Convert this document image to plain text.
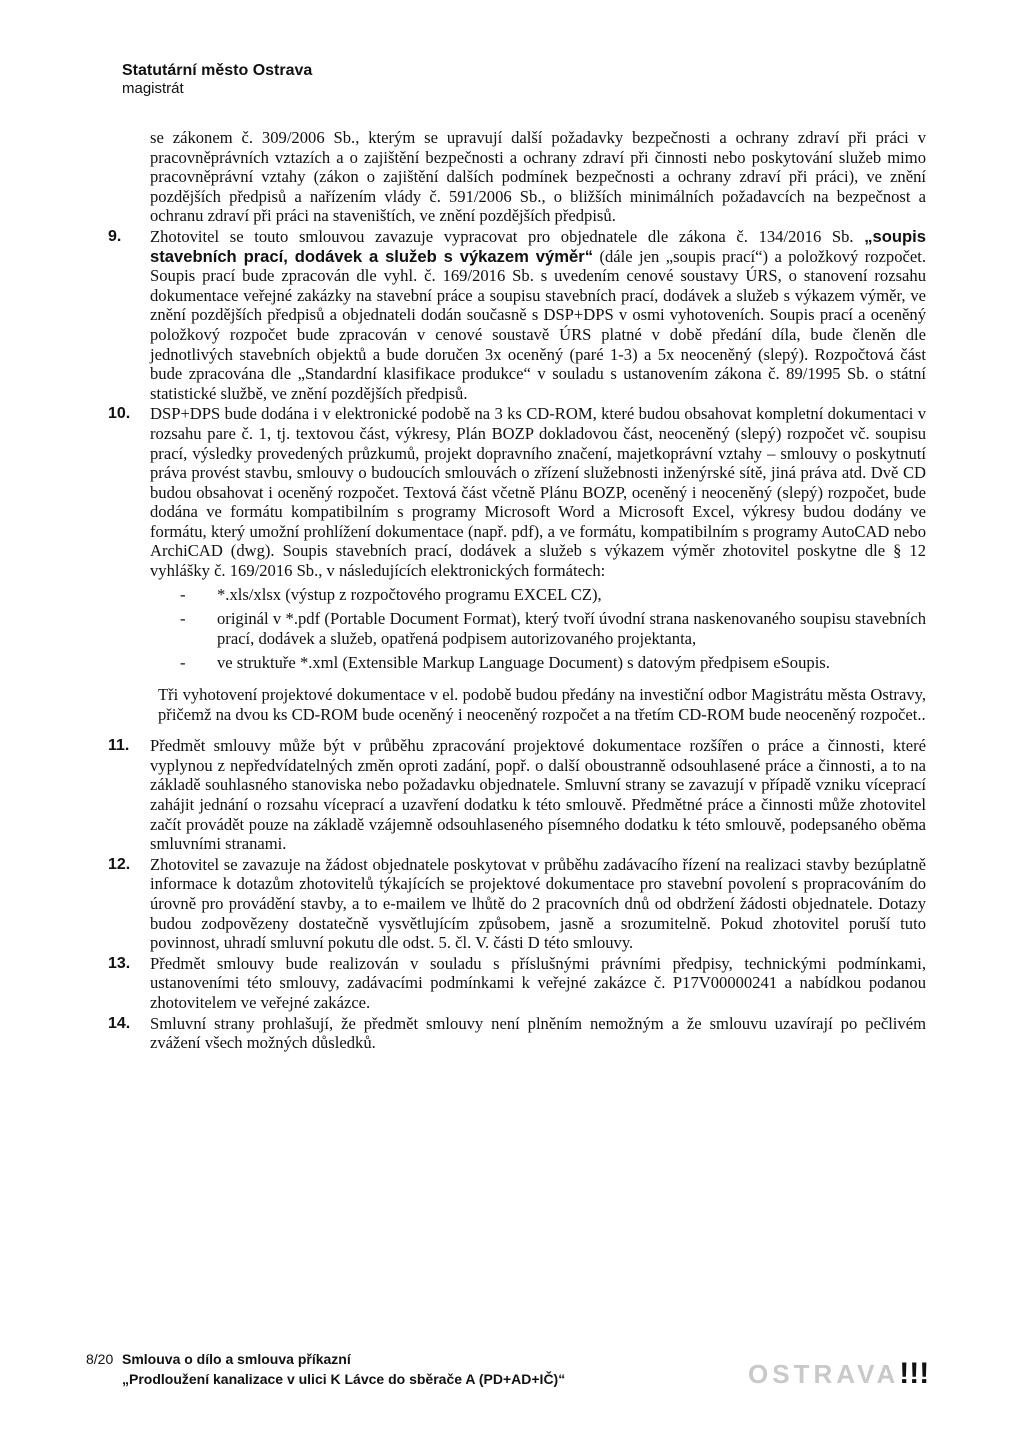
Statutární město Ostrava
magistrát

se zákonem č. 309/2006 Sb., kterým se upravují další požadavky bezpečnosti a ochrany zdraví při práci v pracovněprávních vztazích a o zajištění bezpečnosti a ochrany zdraví při činnosti nebo poskytování služeb mimo pracovněprávní vztahy (zákon o zajištění dalších podmínek bezpečnosti a ochrany zdraví při práci), ve znění pozdějších předpisů a nařízením vlády č. 591/2006 Sb., o bližších minimálních požadavcích na bezpečnost a ochranu zdraví při práci na staveništích, ve znění pozdějších předpisů.

9. Zhotovitel se touto smlouvou zavazuje vypracovat pro objednatele dle zákona č. 134/2016 Sb. „soupis stavebních prací, dodávek a služeb s výkazem výměr“ (dále jen „soupis prací“) a položkový rozpočet. Soupis prací bude zpracován dle vyhl. č. 169/2016 Sb. s uvedením cenové soustavy ÚRS, o stanovení rozsahu dokumentace veřejné zakázky na stavební práce a soupisu stavebních prací, dodávek a služeb s výkazem výměr, ve znění pozdějších předpisů a objednateli dodán současně s DSP+DPS v osmi vyhotoveních. Soupis prací a oceněný položkový rozpočet bude zpracován v cenové soustavě ÚRS platné v době předání díla, bude členěn dle jednotlivých stavebních objektů a bude doručen 3x oceněný (paré 1-3) a 5x neoceněný (slepý). Rozpočtová část bude zpracována dle „Standardní klasifikace produkce“ v souladu s ustanovením zákona č. 89/1995 Sb. o státní statistické službě, ve znění pozdějších předpisů.
10. DSP+DPS bude dodána i v elektronické podobě na 3 ks CD-ROM, které budou obsahovat kompletní dokumentaci v rozsahu pare č. 1, tj. textovou část, výkresy, Plán BOZP dokladovou část, neoceněný (slepý) rozpočet vč. soupisu prací, výsledky provedených průzkumů, projekt dopravního značení, majetkoprávní vztahy – smlouvy o poskytnutí práva provést stavbu, smlouvy o budoucích smlouvách o zřízení služebnosti inženýrské sítě, jiná práva atd. Dvě CD budou obsahovat i oceněný rozpočet. Textová část včetně Plánu BOZP, oceněný i neoceněný (slepý) rozpočet, bude dodána ve formátu kompatibilním s programy Microsoft Word a Microsoft Excel, výkresy budou dodány ve formátu, který umožní prohlížení dokumentace (např. pdf), a ve formátu, kompatibilním s programy AutoCAD nebo ArchiCAD (dwg). Soupis stavebních prací, dodávek a služeb s výkazem výměr zhotovitel poskytne dle § 12 vyhlášky č. 169/2016 Sb., v následujících elektronických formátech:
- *.xls/xlsx (výstup z rozpočtového programu EXCEL CZ),
- originál v *.pdf (Portable Document Format), který tvoří úvodní strana naskenovaného soupisu stavebních prací, dodávek a služeb, opatřená podpisem autorizovaného projektanta,
- ve struktuře *.xml (Extensible Markup Language Document) s datovým předpisem eSoupis.
Tři vyhotovení projektové dokumentace v el. podobě budou předány na investiční odbor Magistrátu města Ostravy, přičemž na dvou ks CD-ROM bude oceněný i neoceněný rozpočet a na třetím CD-ROM bude neoceněný rozpočet..
11. Předmět smlouvy může být v průběhu zpracování projektové dokumentace rozšířen o práce a činnosti, které vyplynou z nepředvídatelných změn oproti zadání, popř. o další oboustranně odsouhlasené práce a činnosti, a to na základě souhlasného stanoviska nebo požadavku objednatele. Smluvní strany se zavazují v případě vzniku víceprací zahájit jednání o rozsahu víceprací a uzavření dodatku k této smlouvě. Předmětné práce a činnosti může zhotovitel začít provádět pouze na základě vzájemně odsouhlaseného písemného dodatku k této smlouvě, podepsaného oběma smluvními stranami.
12. Zhotovitel se zavazuje na žádost objednatele poskytovat v průběhu zadávacího řízení na realizaci stavby bezúplatně informace k dotazům zhotovitelů týkajících se projektové dokumentace pro stavební povolení s propracováním do úrovně pro provádění stavby, a to e-mailem ve lhůtě do 2 pracovních dnů od obdržení žádosti objednatele. Dotazy budou zodpovězeny dostatečně vysvětlujícím způsobem, jasně a srozumitelně. Pokud zhotovitel poruší tuto povinnost, uhradí smluvní pokutu dle odst. 5. čl. V. části D této smlouvy.
13. Předmět smlouvy bude realizován v souladu s příslušnými právními předpisy, technickými podmínkami, ustanoveními této smlouvy, zadávacími podmínkami k veřejné zakázce č. P17V00000241 a nabídkou podanou zhotovitelem ve veřejné zakázce.
14. Smluvní strany prohlašují, že předmět smlouvy není plněním nemožným a že smlouvu uzavírají po pečlivém zvážení všech možných důsledků.
8/20 Smlouva o dílo a smlouva příkazní
„Prodloužení kanalizace v ulici K Lávce do sběrače A (PD+AD+IČ)“	OSTRAVA!!!
